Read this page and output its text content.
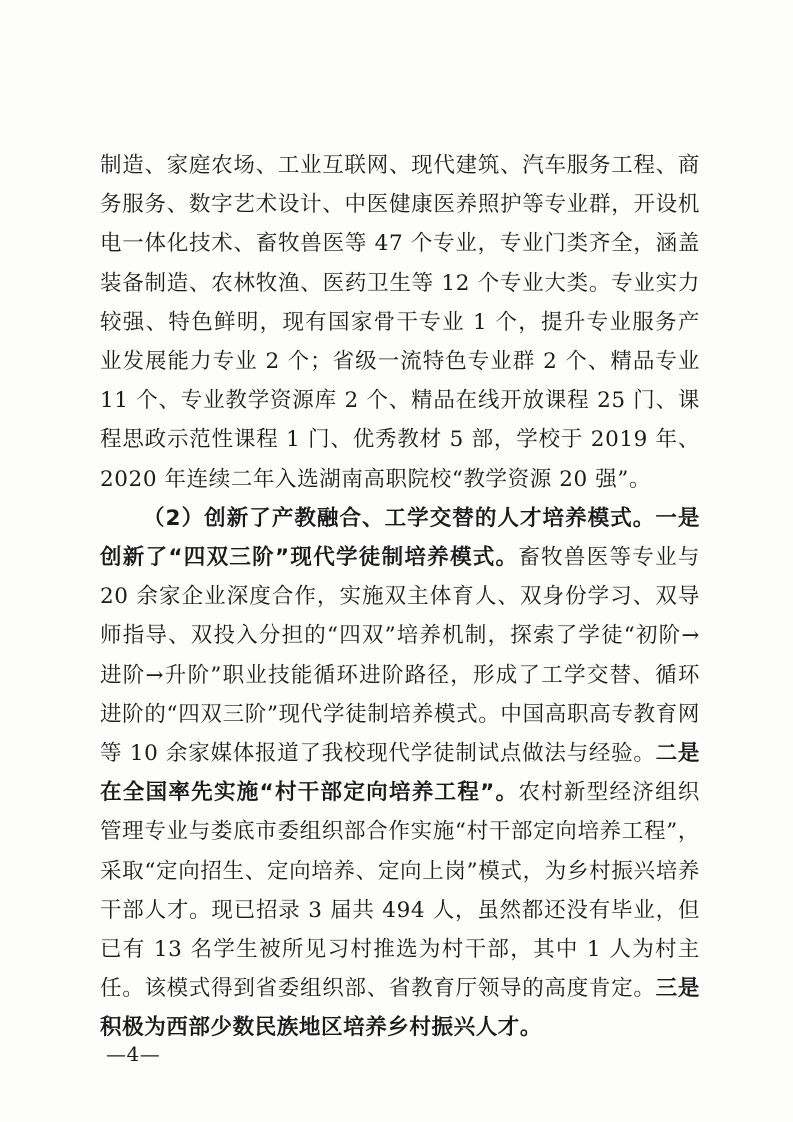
制造、家庭农场、工业互联网、现代建筑、汽车服务工程、商务服务、数字艺术设计、中医健康医养照护等专业群，开设机电一体化技术、畜牧兽医等 47 个专业，专业门类齐全，涵盖装备制造、农林牧渔、医药卫生等 12 个专业大类。专业实力较强、特色鲜明，现有国家骨干专业 1 个，提升专业服务产业发展能力专业 2 个；省级一流特色专业群 2 个、精品专业 11 个、专业教学资源库 2 个、精品在线开放课程 25 门、课程思政示范性课程 1 门、优秀教材 5 部，学校于 2019 年、2020 年连续二年入选湖南高职院校“教学资源 20 强”。

（2）创新了产教融合、工学交替的人才培养模式。一是创新了“四双三阶”现代学徒制培养模式。畜牧兽医等专业与 20 余家企业深度合作，实施双主体育人、双身份学习、双导师指导、双投入分担的“四双”培养机制，探索了学徒“初阶→进阶→升阶”职业技能循环进阶路径，形成了工学交替、循环进阶的“四双三阶”现代学徒制培养模式。中国高职高专教育网等 10 余家媒体报道了我校现代学徒制试点做法与经验。二是在全国率先实施“村干部定向培养工程”。农村新型经济组织管理专业与娄底市委组织部合作实施“村干部定向培养工程”，采取“定向招生、定向培养、定向上岗”模式，为乡村振兴培养干部人才。现已招录 3 届共 494 人，虽然都还没有毕业，但已有 13 名学生被所见习村推选为村干部，其中 1 人为村主任。该模式得到省委组织部、省教育厅领导的高度肯定。三是积极为西部少数民族地区培养乡村振兴人才。

—4—
